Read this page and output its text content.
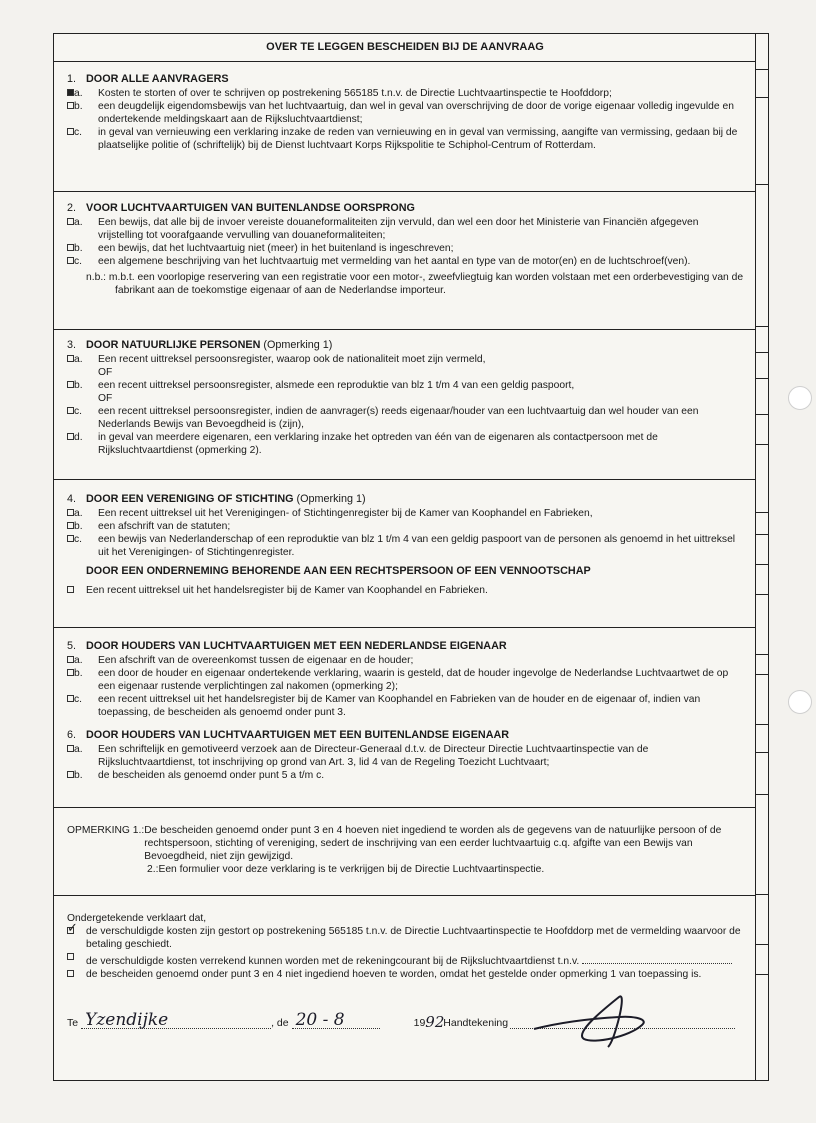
OVER TE LEGGEN BESCHEIDEN BIJ DE AANVRAAG
1. DOOR ALLE AANVRAGERS
a. Kosten te storten of over te schrijven op postrekening 565185 t.n.v. de Directie Luchtvaartinspectie te Hoofddorp;
b. een deugdelijk eigendomsbewijs van het luchtvaartuig, dan wel in geval van overschrijving de door de vorige eigenaar volledig ingevulde en ondertekende meldingskaart aan de Rijksluchtvaartdienst;
c. in geval van vernieuwing een verklaring inzake de reden van vernieuwing en in geval van vermissing, aangifte van vermissing, gedaan bij de plaatselijke politie of (schriftelijk) bij de Dienst luchtvaart Korps Rijkspolitie te Schiphol-Centrum of Rotterdam.
2. VOOR LUCHTVAARTUIGEN VAN BUITENLANDSE OORSPRONG
a. Een bewijs, dat alle bij de invoer vereiste douaneformaliteiten zijn vervuld, dan wel een door het Ministerie van Financiën afgegeven vrijstelling tot voorafgaande vervulling van douaneformaliteiten;
b. een bewijs, dat het luchtvaartuig niet (meer) in het buitenland is ingeschreven;
c. een algemene beschrijving van het luchtvaartuig met vermelding van het aantal en type van de motor(en) en de luchtschroef(ven).
n.b.: m.b.t. een voorlopige reservering van een registratie voor een motor-, zweefvliegtuig kan worden volstaan met een orderbevestiging van de fabrikant aan de toekomstige eigenaar of aan de Nederlandse importeur.
3. DOOR NATUURLIJKE PERSONEN (Opmerking 1)
a. Een recent uittreksel persoonsregister, waarop ook de nationaliteit moet zijn vermeld,
OF
b. een recent uittreksel persoonsregister, alsmede een reproduktie van blz 1 t/m 4 van een geldig paspoort,
OF
c. een recent uittreksel persoonsregister, indien de aanvrager(s) reeds eigenaar/houder van een luchtvaartuig dan wel houder van een Nederlands Bewijs van Bevoegdheid is (zijn),
d. in geval van meerdere eigenaren, een verklaring inzake het optreden van één van de eigenaren als contactpersoon met de Rijksluchtvaartdienst (opmerking 2).
4. DOOR EEN VERENIGING OF STICHTING (Opmerking 1)
a. Een recent uittreksel uit het Verenigingen- of Stichtingenregister bij de Kamer van Koophandel en Fabrieken,
b. een afschrift van de statuten;
c. een bewijs van Nederlanderschap of een reproduktie van blz 1 t/m 4 van een geldig paspoort van de personen als genoemd in het uittreksel uit het Verenigingen- of Stichtingenregister.
DOOR EEN ONDERNEMING BEHORENDE AAN EEN RECHTSPERSOON OF EEN VENNOOTSCHAP
Een recent uittreksel uit het handelsregister bij de Kamer van Koophandel en Fabrieken.
5. DOOR HOUDERS VAN LUCHTVAARTUIGEN MET EEN NEDERLANDSE EIGENAAR
a. Een afschrift van de overeenkomst tussen de eigenaar en de houder;
b. een door de houder en eigenaar ondertekende verklaring, waarin is gesteld, dat de houder ingevolge de Nederlandse Luchtvaartwet de op een eigenaar rustende verplichtingen zal nakomen (opmerking 2);
c. een recent uittreksel uit het handelsregister bij de Kamer van Koophandel en Fabrieken van de houder en de eigenaar of, indien van toepassing, de bescheiden als genoemd onder punt 3.
6. DOOR HOUDERS VAN LUCHTVAARTUIGEN MET EEN BUITENLANDSE EIGENAAR
a. Een schriftelijk en gemotiveerd verzoek aan de Directeur-Generaal d.t.v. de Directeur Directie Luchtvaartinspectie van de Rijksluchtvaartdienst, tot inschrijving op grond van Art. 3, lid 4 van de Regeling Toezicht Luchtvaart;
b. de bescheiden als genoemd onder punt 5 a t/m c.
OPMERKING 1.: De bescheiden genoemd onder punt 3 en 4 hoeven niet ingediend te worden als de gegevens van de natuurlijke persoon of de rechtspersoon, stichting of vereniging, sedert de inschrijving van een eerder luchtvaartuig c.q. afgifte van een Bewijs van Bevoegdheid, niet zijn gewijzigd.
2.: Een formulier voor deze verklaring is te verkrijgen bij de Directie Luchtvaartinspectie.
Ondergetekende verklaart dat,
✓
de verschuldigde kosten zijn gestort op postrekening 565185 t.n.v. de Directie Luchtvaartinspectie te Hoofddorp met de vermelding waarvoor de betaling geschiedt.
de verschuldigde kosten verrekend kunnen worden met de rekeningcourant bij de Rijksluchtvaartdienst t.n.v.
de bescheiden genoemd onder punt 3 en 4 niet ingediend hoeven te worden, omdat het gestelde onder opmerking 1 van toepassing is.
Te Yzendijke	, de 20 - 8	19 92
Handtekening
